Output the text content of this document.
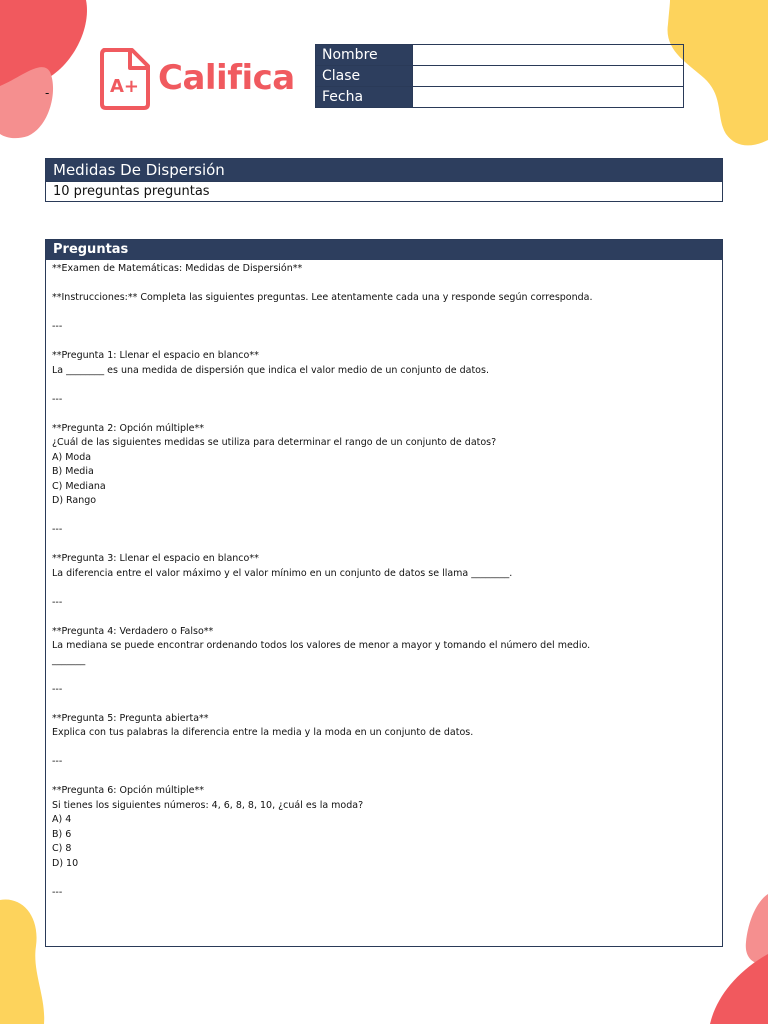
A+ Califica
-
Nombre	
Clase	
Fecha	
Medidas De Dispersión
10 preguntas preguntas
Preguntas
**Examen de Matemáticas: Medidas de Dispersión**
**Instrucciones:** Completa las siguientes preguntas. Lee atentamente cada una y responde según corresponda.
---
**Pregunta 1: Llenar el espacio en blanco**
La ________ es una medida de dispersión que indica el valor medio de un conjunto de datos.
---
**Pregunta 2: Opción múltiple**
¿Cuál de las siguientes medidas se utiliza para determinar el rango de un conjunto de datos?
A) Moda
B) Media
C) Mediana
D) Rango
---
**Pregunta 3: Llenar el espacio en blanco**
La diferencia entre el valor máximo y el valor mínimo en un conjunto de datos se llama ________.
---
**Pregunta 4: Verdadero o Falso**
La mediana se puede encontrar ordenando todos los valores de menor a mayor y tomando el número del medio.
_______
---
**Pregunta 5: Pregunta abierta**
Explica con tus palabras la diferencia entre la media y la moda en un conjunto de datos.
---
**Pregunta 6: Opción múltiple**
Si tienes los siguientes números: 4, 6, 8, 8, 10, ¿cuál es la moda?
A) 4
B) 6
C) 8
D) 10
---
